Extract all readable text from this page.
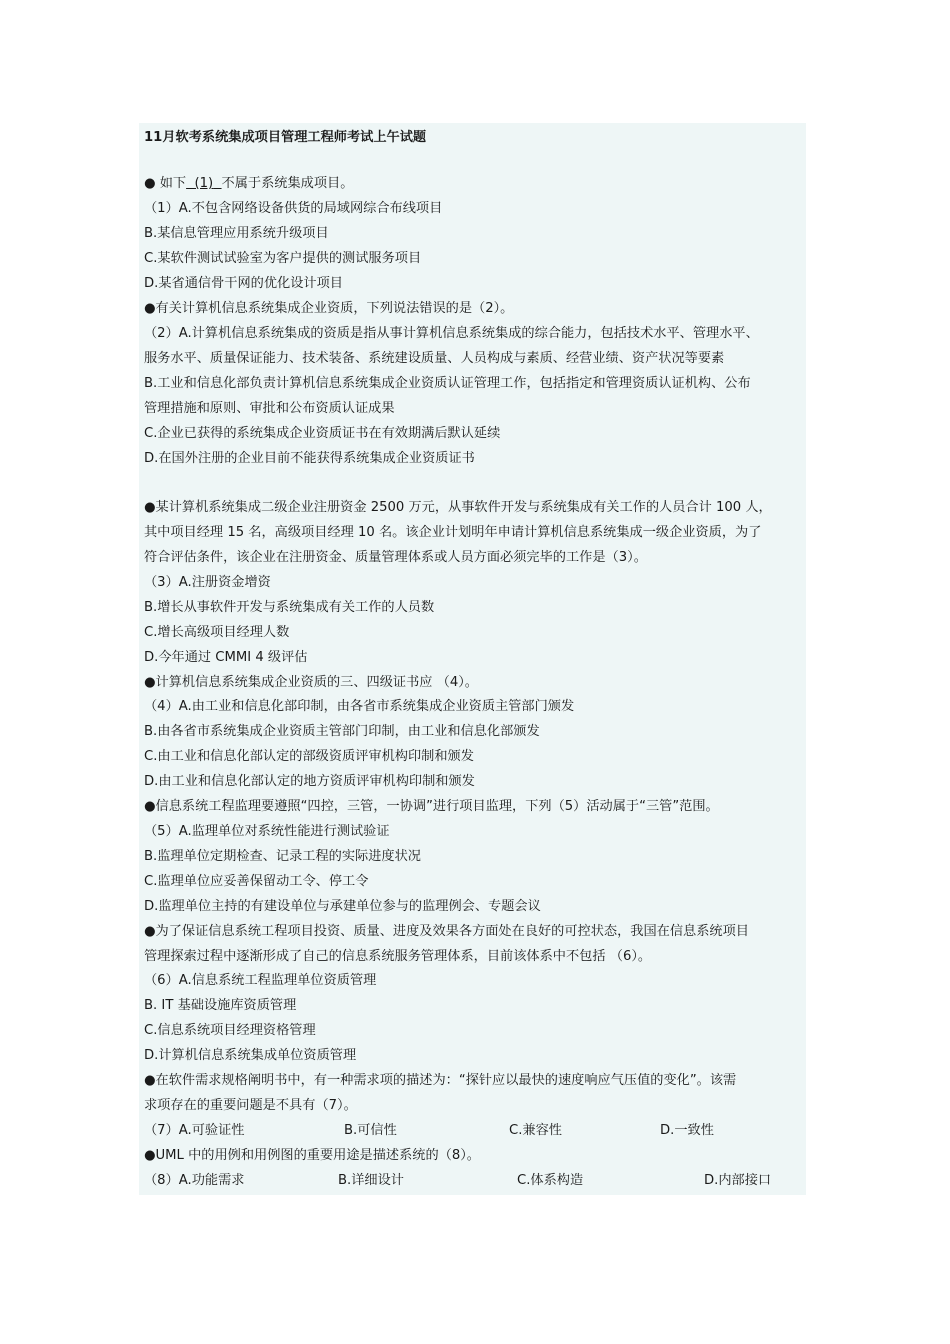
11月软考系统集成项目管理工程师考试上午试题
● 如下 (1) 不属于系统集成项目。
（1）A.不包含网络设备供货的局域网综合布线项目
B.某信息管理应用系统升级项目
C.某软件测试试验室为客户提供的测试服务项目
D.某省通信骨干网的优化设计项目
●有关计算机信息系统集成企业资质，下列说法错误的是（2）。
（2）A.计算机信息系统集成的资质是指从事计算机信息系统集成的综合能力，包括技术水平、管理水平、
服务水平、质量保证能力、技术装备、系统建设质量、人员构成与素质、经营业绩、资产状况等要素
B.工业和信息化部负责计算机信息系统集成企业资质认证管理工作，包括指定和管理资质认证机构、公布
管理措施和原则、审批和公布资质认证成果
C.企业已获得的系统集成企业资质证书在有效期满后默认延续
D.在国外注册的企业目前不能获得系统集成企业资质证书
●某计算机系统集成二级企业注册资金 2500 万元，从事软件开发与系统集成有关工作的人员合计 100 人，
其中项目经理 15 名，高级项目经理 10 名。该企业计划明年申请计算机信息系统集成一级企业资质，为了
符合评估条件，该企业在注册资金、质量管理体系或人员方面必须完毕的工作是（3）。
（3）A.注册资金增资
B.增长从事软件开发与系统集成有关工作的人员数
C.增长高级项目经理人数
D.今年通过 CMMI 4 级评估
●计算机信息系统集成企业资质的三、四级证书应 （4）。
（4）A.由工业和信息化部印制，由各省市系统集成企业资质主管部门颁发
B.由各省市系统集成企业资质主管部门印制，由工业和信息化部颁发
C.由工业和信息化部认定的部级资质评审机构印制和颁发
D.由工业和信息化部认定的地方资质评审机构印制和颁发
●信息系统工程监理要遵照“四控，三管，一协调”进行项目监理，下列（5）活动属于“三管”范围。
（5）A.监理单位对系统性能进行测试验证
B.监理单位定期检查、记录工程的实际进度状况
C.监理单位应妥善保留动工令、停工令
D.监理单位主持的有建设单位与承建单位参与的监理例会、专题会议
●为了保证信息系统工程项目投资、质量、进度及效果各方面处在良好的可控状态，我国在信息系统项目
管理探索过程中逐渐形成了自己的信息系统服务管理体系，目前该体系中不包括 （6）。
（6）A.信息系统工程监理单位资质管理
B. IT 基础设施库资质管理
C.信息系统项目经理资格管理
D.计算机信息系统集成单位资质管理
●在软件需求规格阐明书中，有一种需求项的描述为：“探针应以最快的速度响应气压值的变化”。该需
求项存在的重要问题是不具有（7）。
（7）A.可验证性	B.可信性	C.兼容性	D.一致性
●UML 中的用例和用例图的重要用途是描述系统的（8）。
（8）A.功能需求	B.详细设计	C.体系构造	D.内部接口
